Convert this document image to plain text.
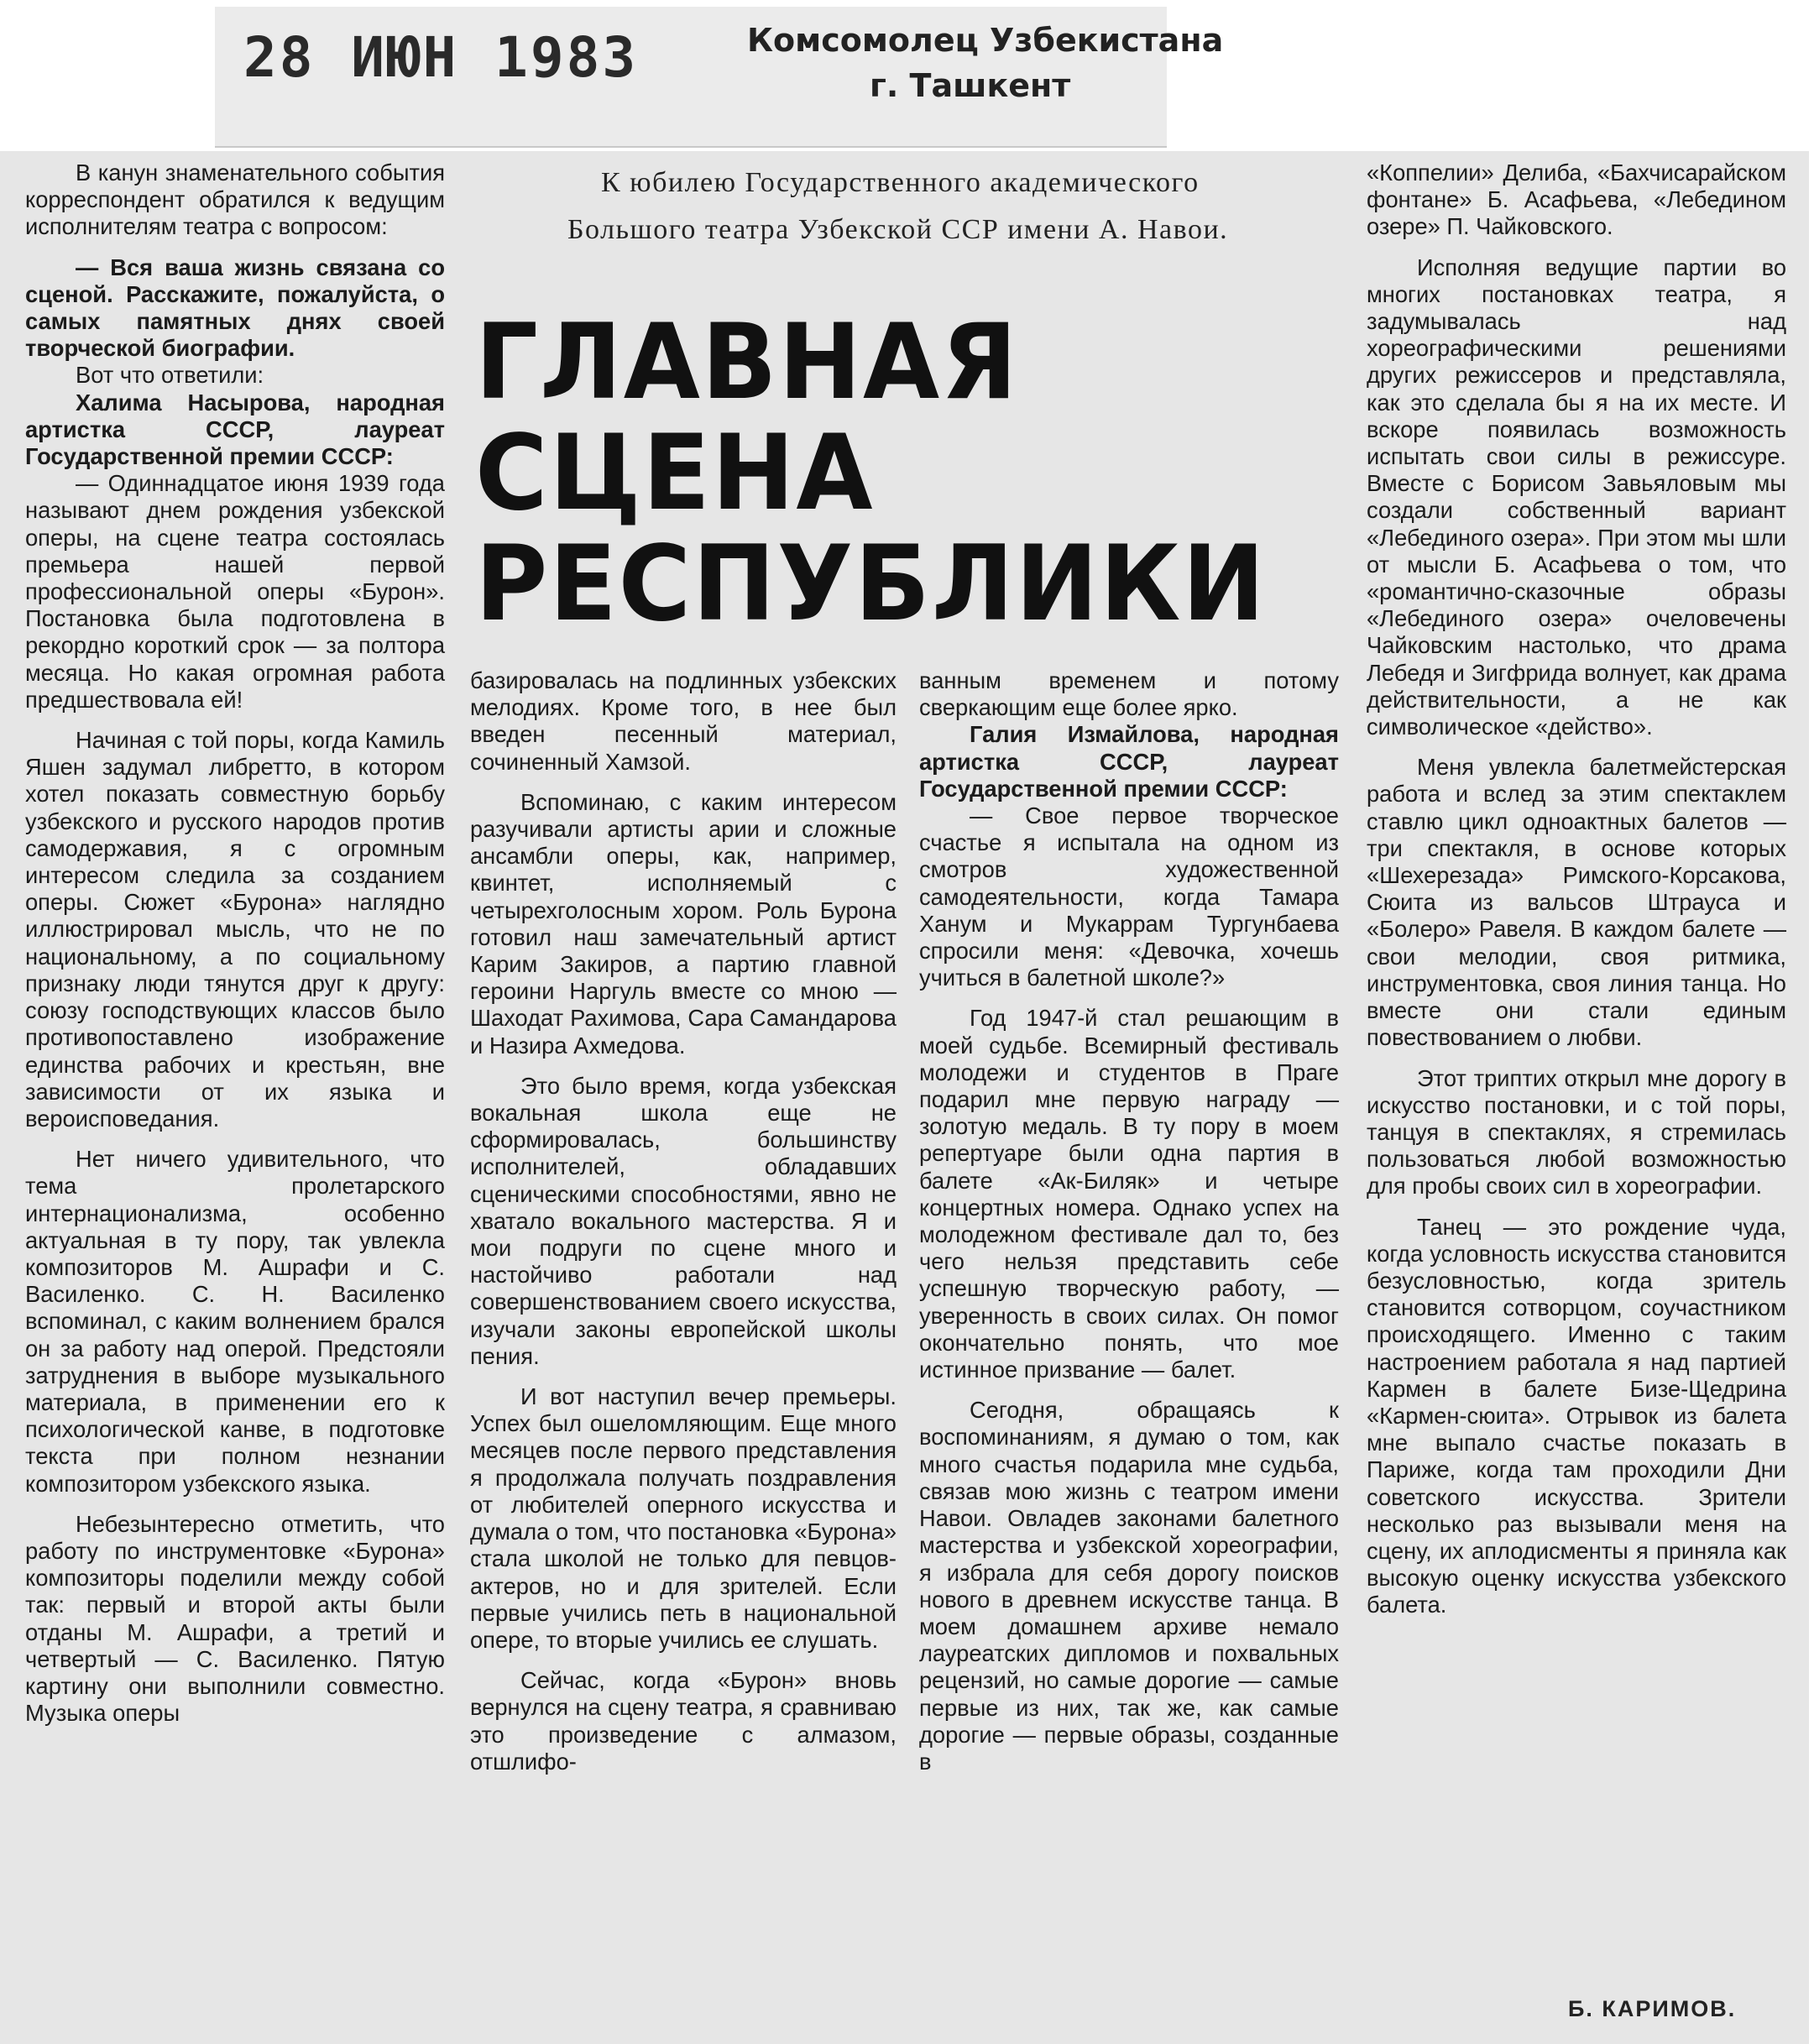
28 ИЮН 1983	Комсомолец Узбекистана
г. Ташкент

В канун знаменательного события корреспондент обратился к ведущим исполнителям театра с вопросом:

— Вся ваша жизнь связана со сценой. Расскажите, пожалуйста, о самых памятных днях своей творческой биографии.

Вот что ответили:

Халима Насырова, народная артистка СССР, лауреат Государственной премии СССР:

— Одиннадцатое июня 1939 года называют днем рождения узбекской оперы, на сцене театра состоялась премьера нашей первой профессиональной оперы «Бурон». Постановка была подготовлена в рекордно короткий срок — за полтора месяца. Но какая огромная работа предшествовала ей!

Начиная с той поры, когда Камиль Яшен задумал либретто, в котором хотел показать совместную борьбу узбекского и русского народов против самодержавия, я с огромным интересом следила за созданием оперы. Сюжет «Бурона» наглядно иллюстрировал мысль, что не по национальному, а по социальному признаку люди тянутся друг к другу: союзу господствующих классов было противопоставлено изображение единства рабочих и крестьян, вне зависимости от их языка и вероисповедания.

Нет ничего удивительного, что тема пролетарского интернационализма, особенно актуальная в ту пору, так увлекла композиторов М. Ашрафи и С. Василенко. С. Н. Василенко вспоминал, с каким волнением брался он за работу над оперой. Предстояли затруднения в выборе музыкального материала, в применении его к психологической канве, в подготовке текста при полном незнании композитором узбекского языка.

Небезынтересно отметить, что работу по инструментовке «Бурона» композиторы поделили между собой так: первый и второй акты были отданы М. Ашрафи, а третий и четвертый — С. Василенко. Пятую картину они выполнили совместно. Музыка оперы

К юбилею Государственного академического Большого театра Узбекской ССР имени А. Навои.
ГЛАВНАЯ СЦЕНА РЕСПУБЛИКИ

базировалась на подлинных узбекских мелодиях. Кроме того, в нее был введен песенный материал, сочиненный Хамзой.

Вспоминаю, с каким интересом разучивали артисты арии и сложные ансамбли оперы, как, например, квинтет, исполняемый с четырехголосным хором. Роль Бурона готовил наш замечательный артист Карим Закиров, а партию главной героини Наргуль вместе со мною — Шаходат Рахимова, Сара Самандарова и Назира Ахмедова.

Это было время, когда узбекская вокальная школа еще не сформировалась, большинству исполнителей, обладавших сценическими способностями, явно не хватало вокального мастерства. Я и мои подруги по сцене много и настойчиво работали над совершенствованием своего искусства, изучали законы европейской школы пения.

И вот наступил вечер премьеры. Успех был ошеломляющим. Еще много месяцев после первого представления я продолжала получать поздравления от любителей оперного искусства и думала о том, что постановка «Бурона» стала школой не только для певцов-актеров, но и для зрителей. Если первые учились петь в национальной опере, то вторые учились ее слушать.

Сейчас, когда «Бурон» вновь вернулся на сцену театра, я сравниваю это произведение с алмазом, отшлифо-

ванным временем и потому сверкающим еще более ярко.

Галия Измайлова, народная артистка СССР, лауреат Государственной премии СССР:

— Свое первое творческое счастье я испытала на одном из смотров художественной самодеятельности, когда Тамара Ханум и Мукаррам Тургунбаева спросили меня: «Девочка, хочешь учиться в балетной школе?»

Год 1947-й стал решающим в моей судьбе. Всемирный фестиваль молодежи и студентов в Праге подарил мне первую награду — золотую медаль. В ту пору в моем репертуаре были одна партия в балете «Ак-Биляк» и четыре концертных номера. Однако успех на молодежном фестивале дал то, без чего нельзя представить себе успешную творческую работу, — уверенность в своих силах. Он помог окончательно понять, что мое истинное призвание — балет.

Сегодня, обращаясь к воспоминаниям, я думаю о том, как много счастья подарила мне судьба, связав мою жизнь с театром имени Навои. Овладев законами балетного мастерства и узбекской хореографии, я избрала для себя дорогу поисков нового в древнем искусстве танца. В моем домашнем архиве немало лауреатских дипломов и похвальных рецензий, но самые дорогие — самые первые из них, так же, как самые дорогие — первые образы, созданные в

«Коппелии» Делиба, «Бахчисарайском фонтане» Б. Асафьева, «Лебедином озере» П. Чайковского.

Исполняя ведущие партии во многих постановках театра, я задумывалась над хореографическими решениями других режиссеров и представляла, как это сделала бы я на их месте. И вскоре появилась возможность испытать свои силы в режиссуре. Вместе с Борисом Завьяловым мы создали собственный вариант «Лебединого озера». При этом мы шли от мысли Б. Асафьева о том, что «романтично-сказочные образы «Лебединого озера» очеловечены Чайковским настолько, что драма Лебедя и Зигфрида волнует, как драма действительности, а не как символическое «действо».

Меня увлекла балетмейстерская работа и вслед за этим спектаклем ставлю цикл одноактных балетов — три спектакля, в основе которых «Шехерезада» Римского-Корсакова, Сюита из вальсов Штрауса и «Болеро» Равеля. В каждом балете — свои мелодии, своя ритмика, инструментовка, своя линия танца. Но вместе они стали единым повествованием о любви.

Этот триптих открыл мне дорогу в искусство постановки, и с той поры, танцуя в спектаклях, я стремилась пользоваться любой возможностью для пробы своих сил в хореографии.

Танец — это рождение чуда, когда условность искусства становится безусловностью, когда зритель становится сотворцом, соучастником происходящего. Именно с таким настроением работала я над партией Кармен в балете Бизе-Щедрина «Кармен-сюита». Отрывок из балета мне выпало счастье показать в Париже, когда там проходили Дни советского искусства. Зрители несколько раз вызывали меня на сцену, их аплодисменты я приняла как высокую оценку искусства узбекского балета.

Б. КАРИМОВ.
